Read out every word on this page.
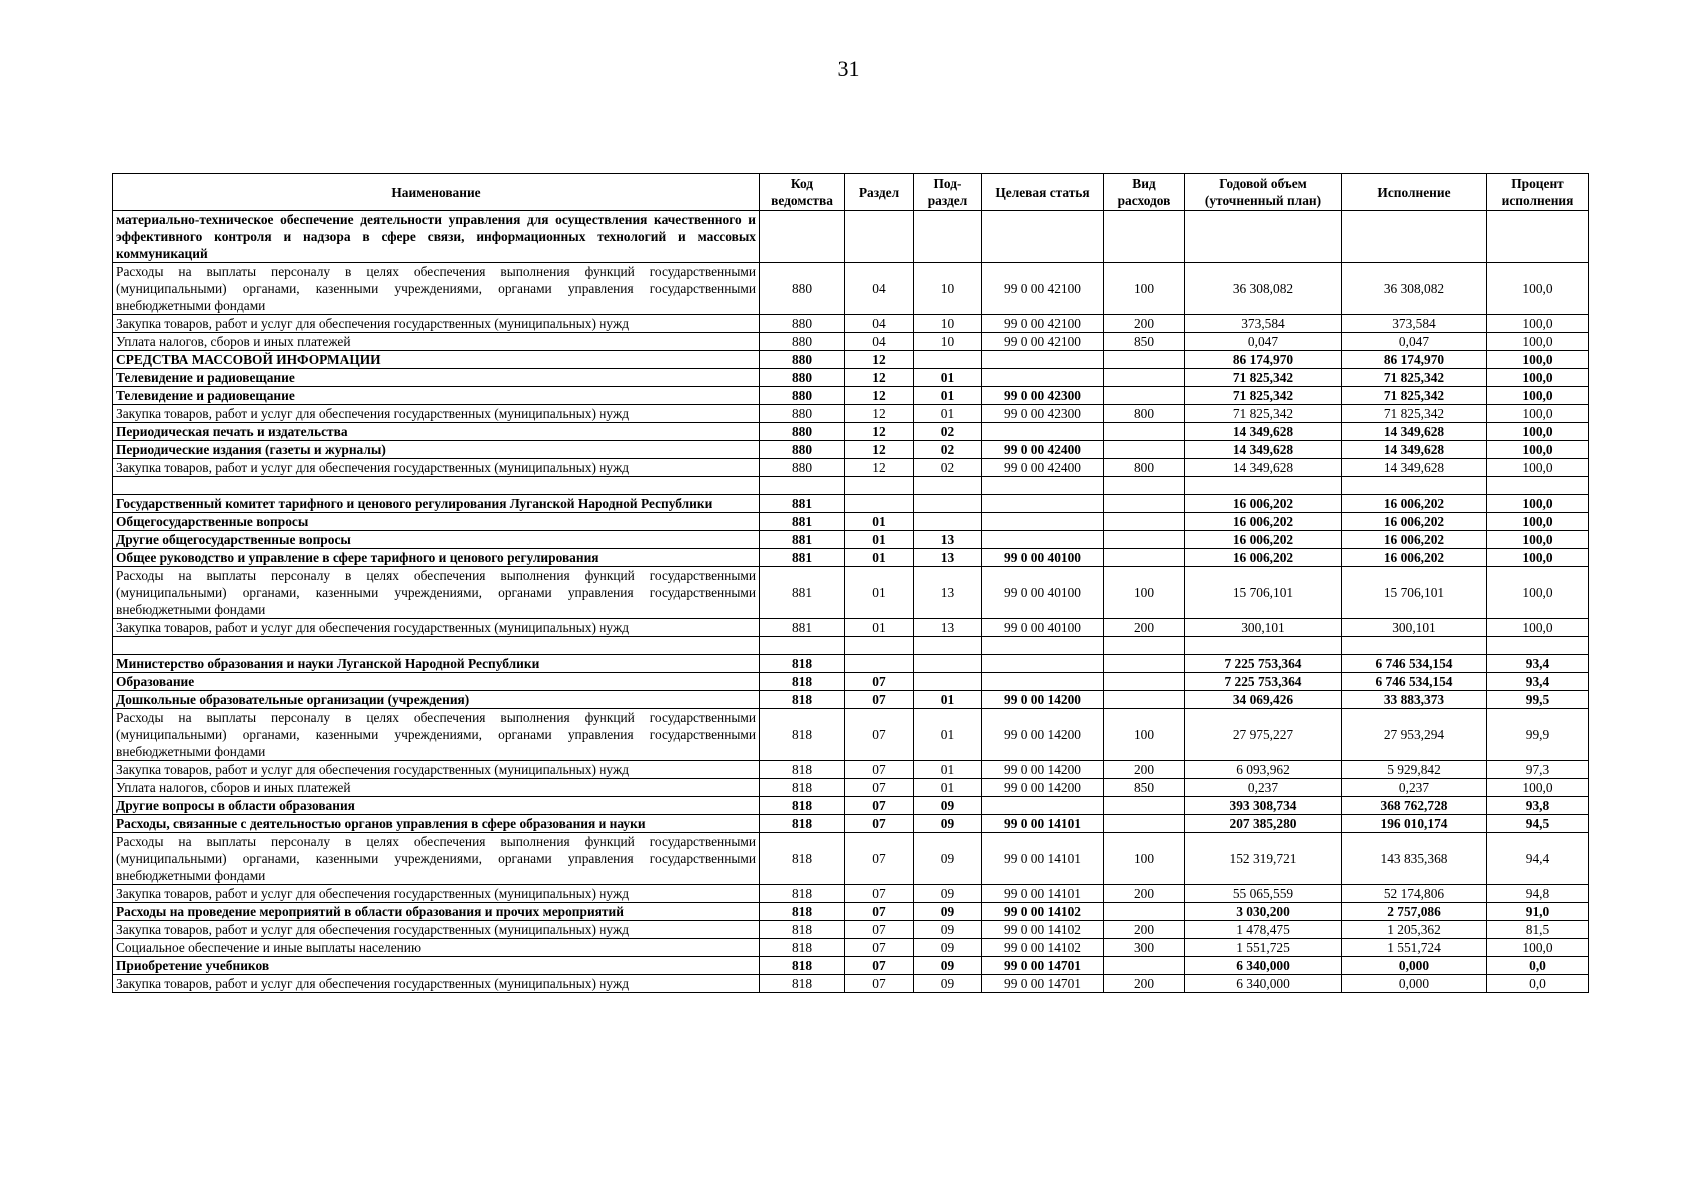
31
Наименование	Код ведомства	Раздел	Под-раздел	Целевая статья	Вид расходов	Годовой объем (уточненный план)	Исполнение	Процент исполнения
материально-техническое обеспечение деятельности управления для осуществления качественного и эффективного контроля и надзора в сфере связи, информационных технологий и массовых коммуникаций								
Расходы на выплаты персоналу в целях обеспечения выполнения функций государственными (муниципальными) органами, казенными учреждениями, органами управления государственными внебюджетными фондами	880	04	10	99 0 00 42100	100	36 308,082	36 308,082	100,0
Закупка товаров, работ и услуг для обеспечения государственных (муниципальных) нужд	880	04	10	99 0 00 42100	200	373,584	373,584	100,0
Уплата налогов, сборов и иных платежей	880	04	10	99 0 00 42100	850	0,047	0,047	100,0
СРЕДСТВА МАССОВОЙ ИНФОРМАЦИИ	880	12				86 174,970	86 174,970	100,0
Телевидение и радиовещание	880	12	01			71 825,342	71 825,342	100,0
Телевидение и радиовещание	880	12	01	99 0 00 42300		71 825,342	71 825,342	100,0
Закупка товаров, работ и услуг для обеспечения государственных (муниципальных) нужд	880	12	01	99 0 00 42300	800	71 825,342	71 825,342	100,0
Периодическая печать и издательства	880	12	02			14 349,628	14 349,628	100,0
Периодические издания (газеты и журналы)	880	12	02	99 0 00 42400		14 349,628	14 349,628	100,0
Закупка товаров, работ и услуг для обеспечения государственных (муниципальных) нужд	880	12	02	99 0 00 42400	800	14 349,628	14 349,628	100,0

Государственный комитет тарифного и ценового регулирования Луганской Народной Республики	881					16 006,202	16 006,202	100,0
Общегосударственные вопросы	881	01				16 006,202	16 006,202	100,0
Другие общегосударственные вопросы	881	01	13			16 006,202	16 006,202	100,0
Общее руководство и управление в сфере тарифного и ценового регулирования	881	01	13	99 0 00 40100		16 006,202	16 006,202	100,0
Расходы на выплаты персоналу в целях обеспечения выполнения функций государственными (муниципальными) органами, казенными учреждениями, органами управления государственными внебюджетными фондами	881	01	13	99 0 00 40100	100	15 706,101	15 706,101	100,0
Закупка товаров, работ и услуг для обеспечения государственных (муниципальных) нужд	881	01	13	99 0 00 40100	200	300,101	300,101	100,0

Министерство образования и науки Луганской Народной Республики	818					7 225 753,364	6 746 534,154	93,4
Образование	818	07				7 225 753,364	6 746 534,154	93,4
Дошкольные образовательные организации (учреждения)	818	07	01	99 0 00 14200		34 069,426	33 883,373	99,5
Расходы на выплаты персоналу в целях обеспечения выполнения функций государственными (муниципальными) органами, казенными учреждениями, органами управления государственными внебюджетными фондами	818	07	01	99 0 00 14200	100	27 975,227	27 953,294	99,9
Закупка товаров, работ и услуг для обеспечения государственных (муниципальных) нужд	818	07	01	99 0 00 14200	200	6 093,962	5 929,842	97,3
Уплата налогов, сборов и иных платежей	818	07	01	99 0 00 14200	850	0,237	0,237	100,0
Другие вопросы в области образования	818	07	09			393 308,734	368 762,728	93,8
Расходы, связанные с деятельностью органов управления в сфере образования и науки	818	07	09	99 0 00 14101		207 385,280	196 010,174	94,5
Расходы на выплаты персоналу в целях обеспечения выполнения функций государственными (муниципальными) органами, казенными учреждениями, органами управления государственными внебюджетными фондами	818	07	09	99 0 00 14101	100	152 319,721	143 835,368	94,4
Закупка товаров, работ и услуг для обеспечения государственных (муниципальных) нужд	818	07	09	99 0 00 14101	200	55 065,559	52 174,806	94,8
Расходы на проведение мероприятий в области образования и прочих мероприятий	818	07	09	99 0 00 14102		3 030,200	2 757,086	91,0
Закупка товаров, работ и услуг для обеспечения государственных (муниципальных) нужд	818	07	09	99 0 00 14102	200	1 478,475	1 205,362	81,5
Социальное обеспечение и иные выплаты населению	818	07	09	99 0 00 14102	300	1 551,725	1 551,724	100,0
Приобретение учебников	818	07	09	99 0 00 14701		6 340,000	0,000	0,0
Закупка товаров, работ и услуг для обеспечения государственных (муниципальных) нужд	818	07	09	99 0 00 14701	200	6 340,000	0,000	0,0
